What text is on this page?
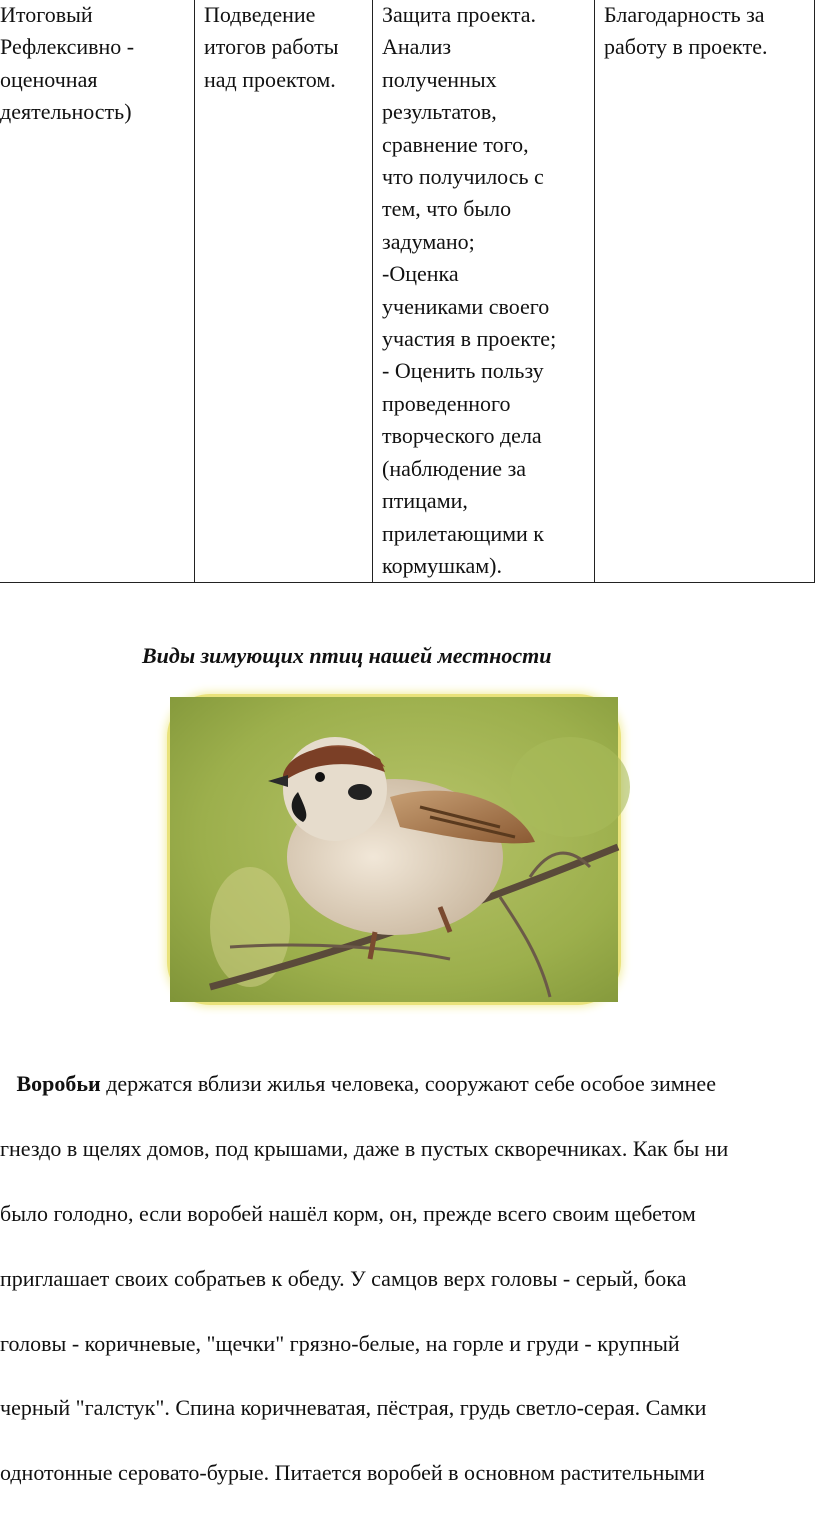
Итоговый
Рефлексивно -
оценочная
деятельность)
Подведение
итогов работы
над проектом.
Защита проекта.
Анализ
полученных
результатов,
сравнение того,
что получилось с
тем, что было
задумано;
-Оценка
учениками своего
участия в проекте;
- Оценить пользу
проведенного
творческого дела
(наблюдение за
птицами,
прилетающими к
кормушкам).
Благодарность за
работу в проекте.
Виды зимующих птиц нашей местности

Воробьи держатся вблизи жилья человека, сооружают себе особое зимнее

гнездо в щелях домов, под крышами, даже в пустых скворечниках. Как бы ни

было голодно, если воробей нашёл корм, он, прежде всего своим щебетом

приглашает своих собратьев к обеду. У самцов верх головы - серый, бока

головы - коричневые, "щечки" грязно-белые, на горле и груди - крупный

черный "галстук". Спина коричневатая, пёстрая, грудь светло-серая. Самки

однотонные серовато-бурые. Питается воробей в основном растительными
